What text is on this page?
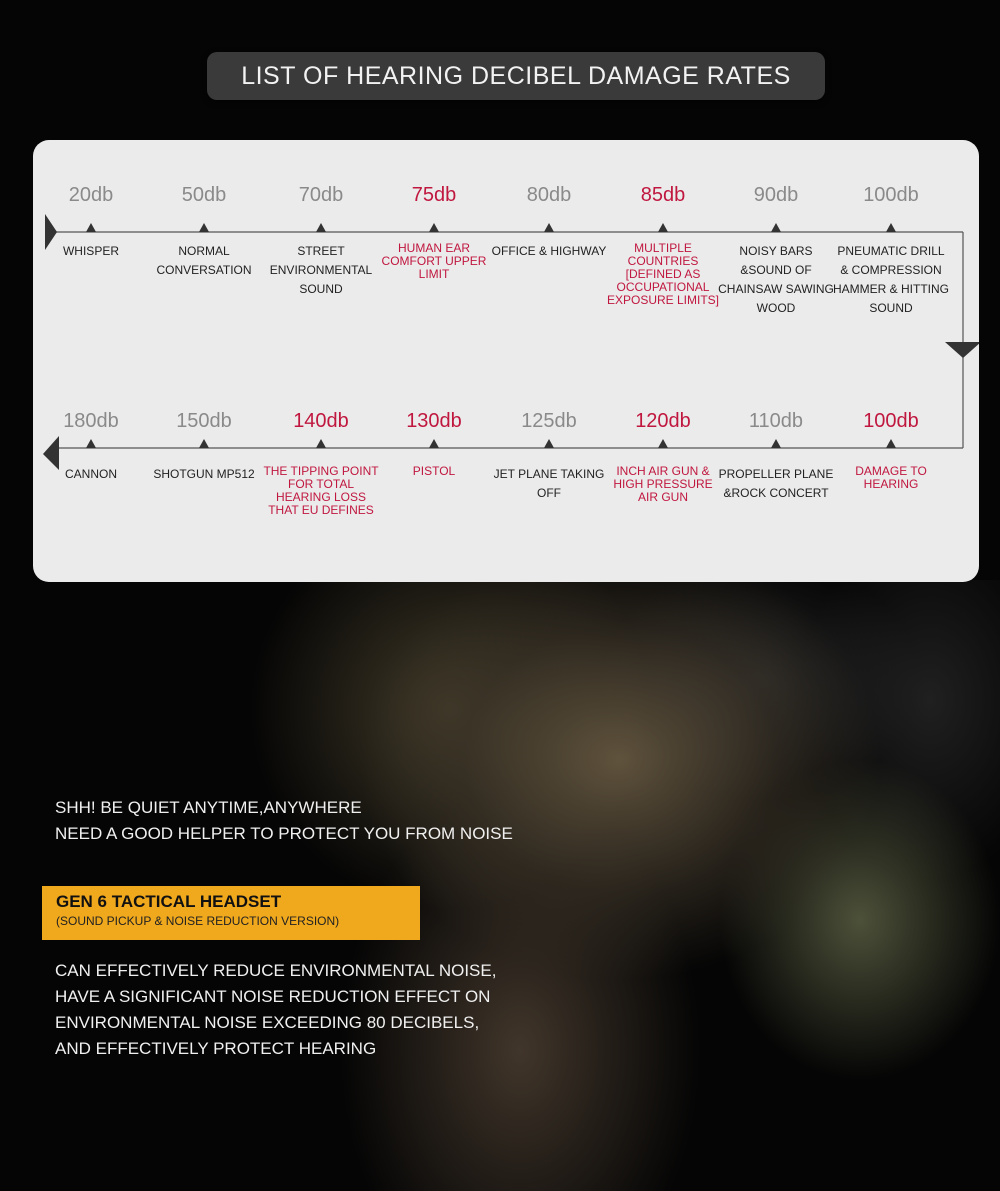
LIST OF HEARING DECIBEL DAMAGE RATES
20db
WHISPER
50db
NORMAL CONVERSATION
70db
STREET ENVIRONMENTAL SOUND
75db
HUMAN EAR COMFORT UPPER LIMIT
80db
OFFICE & HIGHWAY
85db
MULTIPLE COUNTRIES [DEFINED AS OCCUPATIONAL EXPOSURE LIMITS]
90db
NOISY BARS &SOUND OF CHAINSAW SAWING WOOD
100db
PNEUMATIC DRILL & COMPRESSION HAMMER & HITTING SOUND
180db
CANNON
150db
SHOTGUN MP512
140db
THE TIPPING POINT FOR TOTAL HEARING LOSS THAT EU DEFINES
130db
PISTOL
125db
JET PLANE TAKING OFF
120db
INCH AIR GUN & HIGH PRESSURE AIR GUN
110db
PROPELLER PLANE &ROCK CONCERT
100db
DAMAGE TO HEARING
SHH! BE QUIET ANYTIME,ANYWHERE
NEED A GOOD HELPER TO PROTECT YOU FROM NOISE
GEN 6 TACTICAL HEADSET
(SOUND PICKUP & NOISE REDUCTION VERSION)
CAN EFFECTIVELY REDUCE ENVIRONMENTAL NOISE,
HAVE A SIGNIFICANT NOISE REDUCTION EFFECT ON
ENVIRONMENTAL NOISE EXCEEDING 80 DECIBELS,
AND EFFECTIVELY PROTECT HEARING
